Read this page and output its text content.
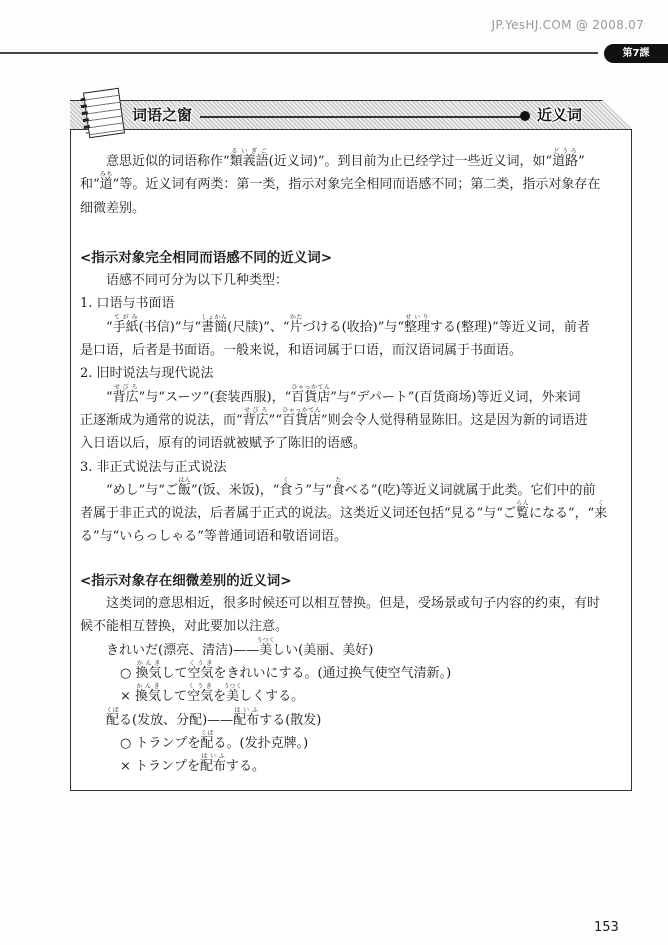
JP.YesHJ.COM @ 2008.07
第7課
词语之窗	近义词
意思近似的词语称作“類義語るいぎご(近义词)”。到目前为止已经学过一些近义词，如“道路どうろ”
和“道みち”等。近义词有两类：第一类，指示对象完全相同而语感不同；第二类，指示对象存在
细微差别。
<指示对象完全相同而语感不同的近义词>
语感不同可分为以下几种类型：
1. 口语与书面语
“手紙てがみ(书信)”与“書簡しょかん(尺牍)”、“片かたづける(收拾)”与“整理せいりする(整理)”等近义词，前者
是口语，后者是书面语。一般来说，和语词属于口语，而汉语词属于书面语。
2. 旧时说法与现代说法
“背広せびろ”与“スーツ”(套装西服)，“百貨店ひゃっかてん”与“デパート”(百货商场)等近义词，外来词
正逐渐成为通常的说法，而“背広せびろ”“百貨店ひゃっかてん”则会令人觉得稍显陈旧。这是因为新的词语进
入日语以后，原有的词语就被赋予了陈旧的语感。
3. 非正式说法与正式说法
“めし”与“ご飯はん”(饭、米饭)，“食くう”与“食たべる”(吃)等近义词就属于此类。它们中的前
者属于非正式的说法，后者属于正式的说法。这类近义词还包括“見る”与“ご覧らんになる”，“来く
る”与“いらっしゃる”等普通词语和敬语词语。
<指示对象存在细微差别的近义词>
这类词的意思相近，很多时候还可以相互替换。但是，受场景或句子内容的约束，有时
候不能相互替换，对此要加以注意。
きれいだ(漂亮、清洁)——美うつくしい(美丽、美好)
○ 換気かんきして空気くうきをきれいにする。(通过换气使空气清新。)
× 換気かんきして空気くうきを美うつくしくする。
配くばる(发放、分配)——配布はいふする(散发)
○ トランプを配くばる。(发扑克牌。)
× トランプを配布はいふする。
153
